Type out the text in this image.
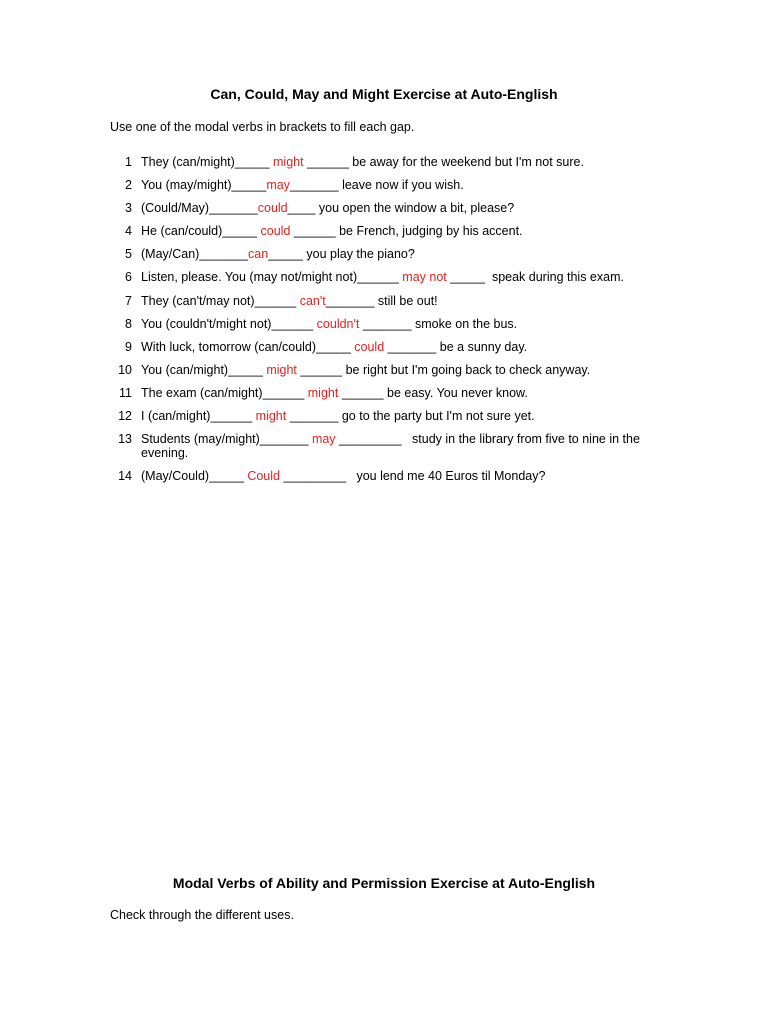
Can, Could, May and Might Exercise at Auto-English
Use one of the modal verbs in brackets to fill each gap.
1 They (can/might)_____ might ______ be away for the weekend but I'm not sure.
2 You (may/might)_____may_______ leave now if you wish.
3 (Could/May)_______could____ you open the window a bit, please?
4 He (can/could)_____ could ______ be French, judging by his accent.
5 (May/Can)_______can_____ you play the piano?
6 Listen, please. You (may not/might not)______ may not _____  speak during this exam.
7 They (can't/may not)______ can't_______ still be out!
8 You (couldn't/might not)______ couldn't _______ smoke on the bus.
9 With luck, tomorrow (can/could)_____ could _______ be a sunny day.
10 You (can/might)_____ might ______ be right but I'm going back to check anyway.
11 The exam (can/might)______ might ______ be easy. You never know.
12 I (can/might)______ might _______ go to the party but I'm not sure yet.
13 Students (may/might)_______ may _________   study in the library from five to nine in the evening.
14 (May/Could)_____ Could _________   you lend me 40 Euros til Monday?
Modal Verbs of Ability and Permission Exercise at Auto-English
Check through the different uses.
